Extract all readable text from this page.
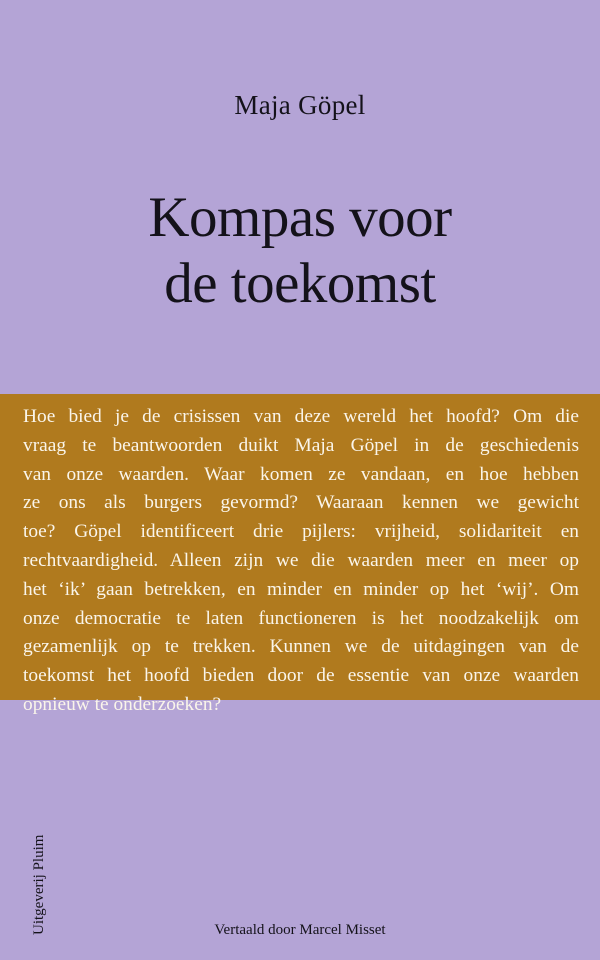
Maja Göpel
Kompas voor
de toekomst

Hoe bied je de crisissen van deze wereld het hoofd? Om die
vraag te beantwoorden duikt Maja Göpel in de geschiedenis
van onze waarden. Waar komen ze vandaan, en hoe hebben
ze ons als burgers gevormd? Waaraan kennen we gewicht
toe? Göpel identificeert drie pijlers: vrijheid, solidariteit en
rechtvaardigheid. Alleen zijn we die waarden meer en meer op
het ‘ik’ gaan betrekken, en minder en minder op het ‘wij’. Om
onze democratie te laten functioneren is het noodzakelijk om
gezamenlijk op te trekken. Kunnen we de uitdagingen van de
toekomst het hoofd bieden door de essentie van onze waarden
opnieuw te onderzoeken?

Uitgeverij Pluim	Vertaald door Marcel Misset
